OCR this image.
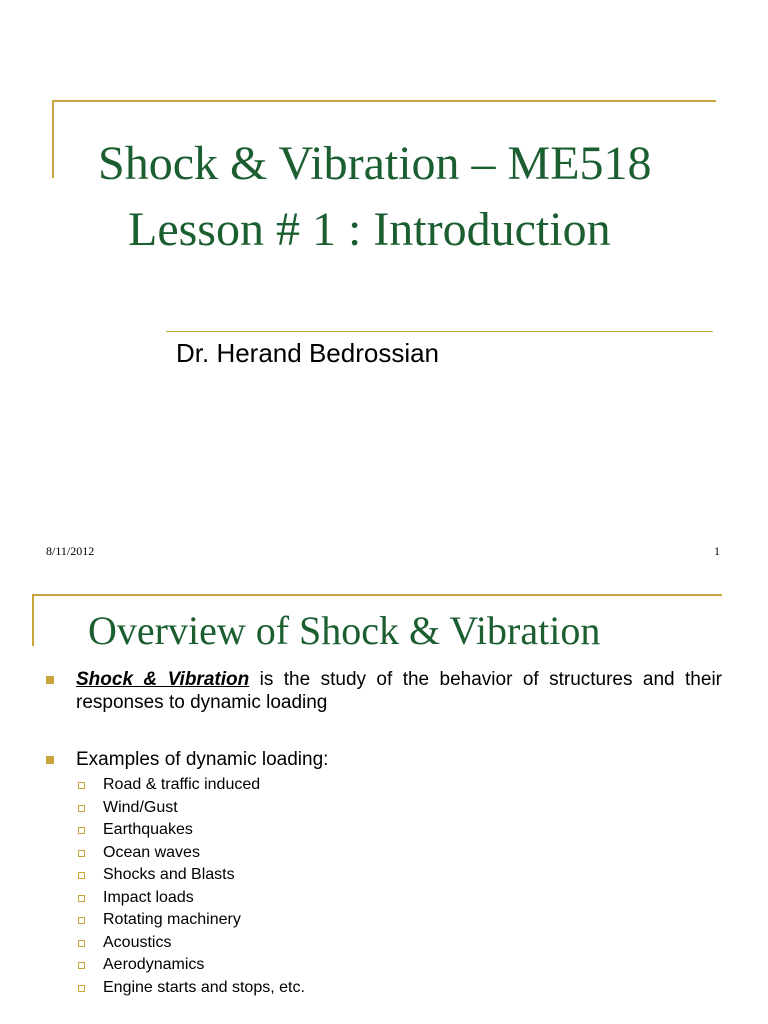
Shock & Vibration – ME518
Lesson # 1 : Introduction
Dr. Herand Bedrossian
8/11/2012	1
Overview of Shock & Vibration
Shock & Vibration is the study of the behavior of structures and their responses to dynamic loading
Examples of dynamic loading:
Road & traffic induced
Wind/Gust
Earthquakes
Ocean waves
Shocks and Blasts
Impact loads
Rotating machinery
Acoustics
Aerodynamics
Engine starts and stops, etc.
